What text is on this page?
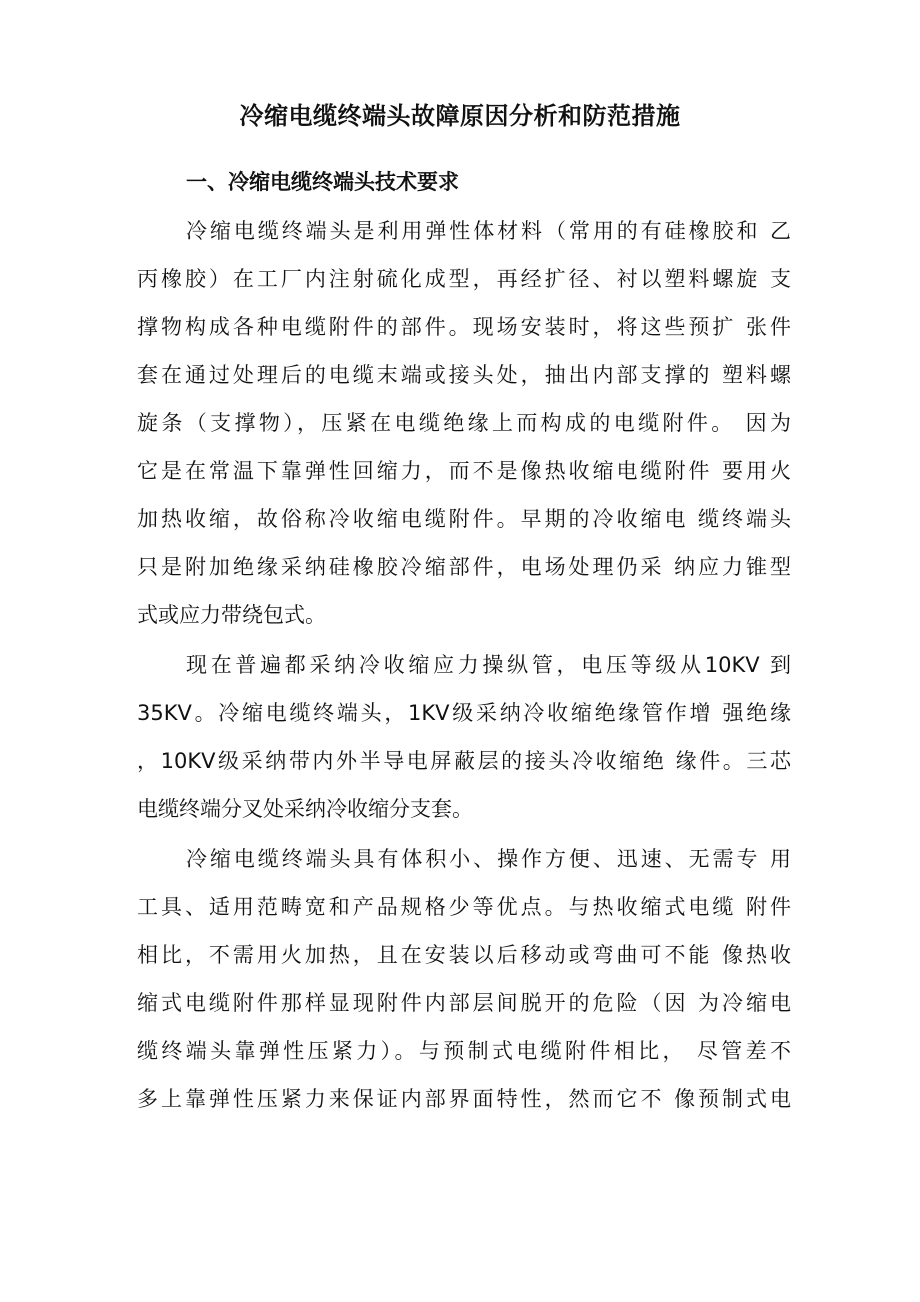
冷缩电缆终端头故障原因分析和防范措施
一、冷缩电缆终端头技术要求
冷缩电缆终端头是利用弹性体材料（常用的有硅橡胶和 乙
丙橡胶）在工厂内注射硫化成型，再经扩径、衬以塑料螺旋 支
撑物构成各种电缆附件的部件。现场安装时，将这些预扩 张件
套在通过处理后的电缆末端或接头处，抽出内部支撑的 塑料螺
旋条（支撑物），压紧在电缆绝缘上而构成的电缆附件。 因为
它是在常温下靠弹性回缩力，而不是像热收缩电缆附件 要用火
加热收缩，故俗称冷收缩电缆附件。早期的冷收缩电 缆终端头
只是附加绝缘采纳硅橡胶冷缩部件，电场处理仍采 纳应力锥型
式或应力带绕包式。
现在普遍都采纳冷收缩应力操纵管，电压等级从10KV 到
35KV。冷缩电缆终端头，1KV级采纳冷收缩绝缘管作增 强绝缘
，10KV级采纳带内外半导电屏蔽层的接头冷收缩绝 缘件。三芯
电缆终端分叉处采纳冷收缩分支套。
冷缩电缆终端头具有体积小、操作方便、迅速、无需专 用
工具、适用范畴宽和产品规格少等优点。与热收缩式电缆 附件
相比，不需用火加热，且在安装以后移动或弯曲可不能 像热收
缩式电缆附件那样显现附件内部层间脱开的危险（因 为冷缩电
缆终端头靠弹性压紧力）。与预制式电缆附件相比， 尽管差不
多上靠弹性压紧力来保证内部界面特性，然而它不 像预制式电
